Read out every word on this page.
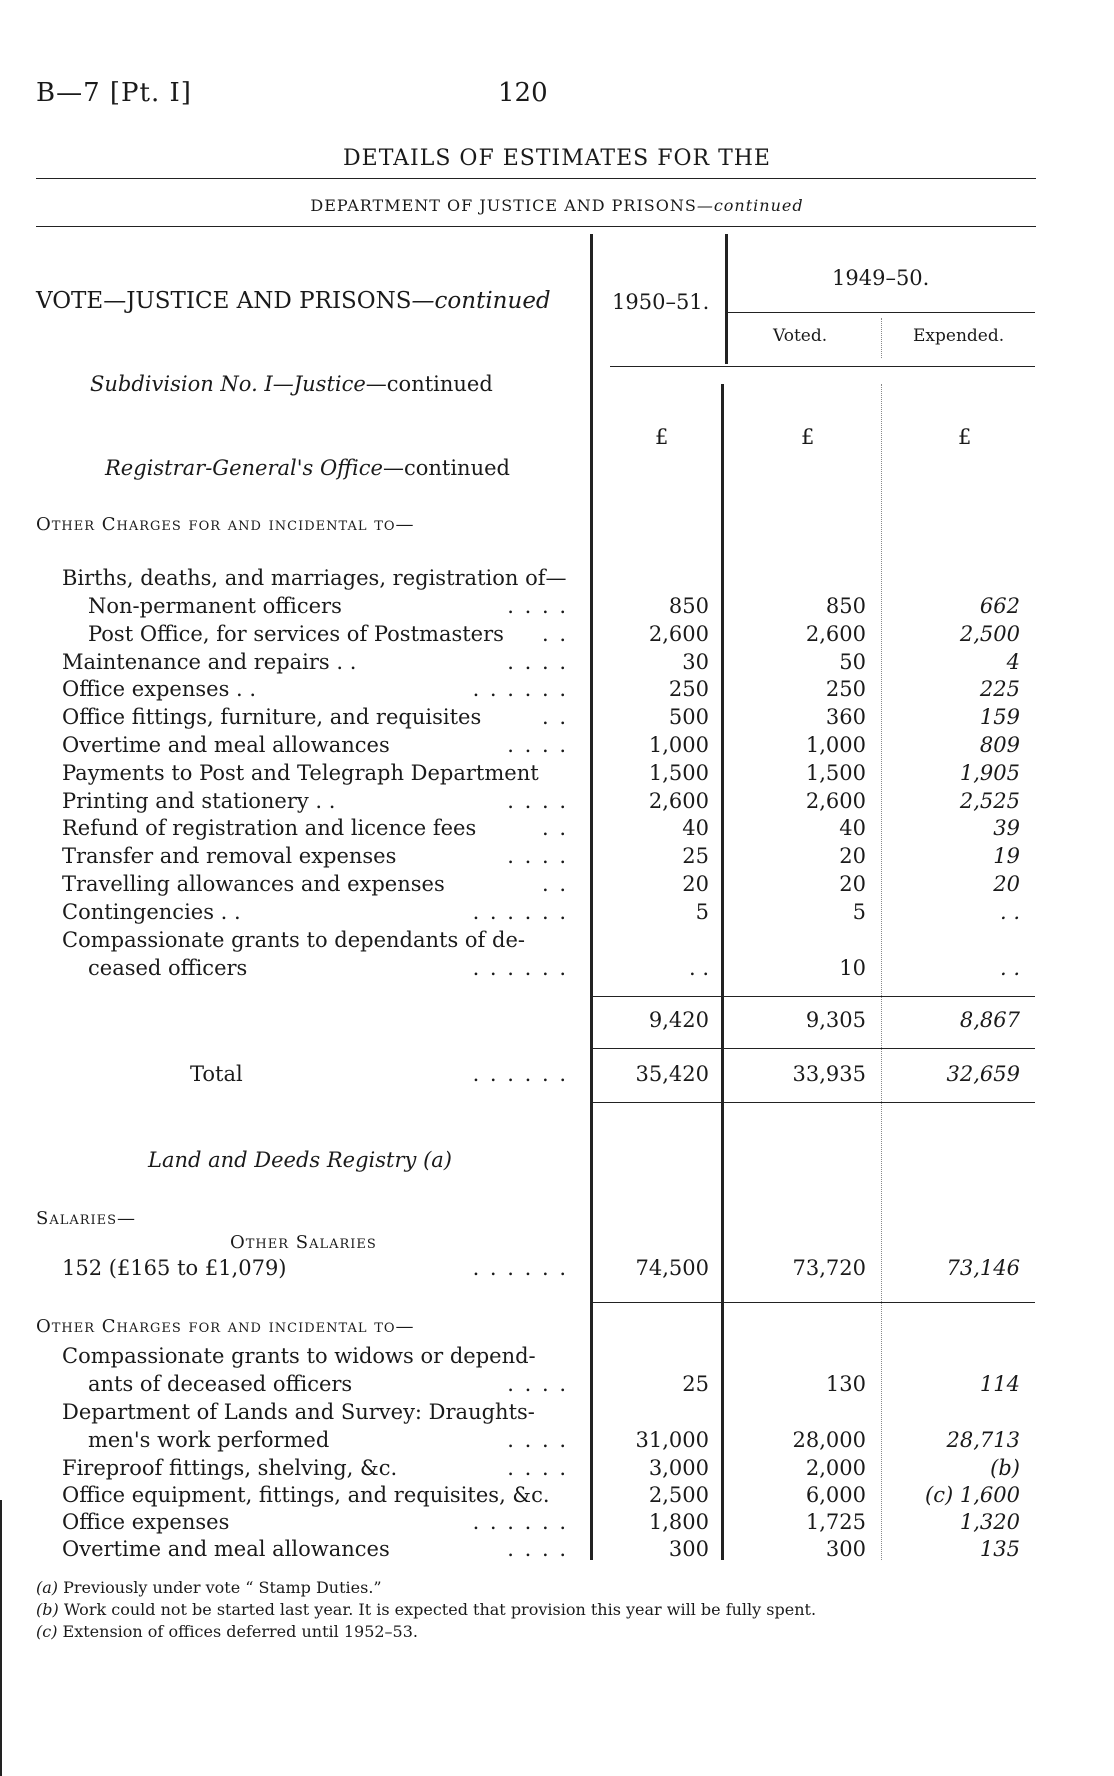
B—7 [Pt. I]	120
DETAILS OF ESTIMATES FOR THE
DEPARTMENT OF JUSTICE AND PRISONS—continued
VOTE—JUSTICE AND PRISONS—continued	1950–51.
1949–50.
Voted.	Expended.
Subdivision No. I—Justice—continued
£	£	£
Registrar-General's Office—continued
Other Charges for and incidental to—
Births, deaths, and marriages, registration of—
Non-permanent officers	. . . .	850	850	662
Post Office, for services of Postmasters	. .	2,600	2,600	2,500
Maintenance and repairs . .	. . . .	30	50	4
Office expenses . .	. . . . . .	250	250	225
Office fittings, furniture, and requisites	. .	500	360	159
Overtime and meal allowances	. . . .	1,000	1,000	809
Payments to Post and Telegraph Department	1,500	1,500	1,905
Printing and stationery . .	. . . .	2,600	2,600	2,525
Refund of registration and licence fees	. .	40	40	39
Transfer and removal expenses	. . . .	25	20	19
Travelling allowances and expenses	. .	20	20	20
Contingencies . .	. . . . . .	5	5	. .
Compassionate grants to dependants of de-
ceased officers	. . . . . .	. .	10	. .
9,420	9,305	8,867
Total	. . . . . .	35,420	33,935	32,659
Land and Deeds Registry (a)
Salaries—
Other Salaries
152 (£165 to £1,079)	. . . . . .	74,500	73,720	73,146
Other Charges for and incidental to—
Compassionate grants to widows or depend-
ants of deceased officers	. . . .	25	130	114
Department of Lands and Survey: Draughts-
men's work performed	. . . .	31,000	28,000	28,713
Fireproof fittings, shelving, &c.	. . . .	3,000	2,000	(b)
Office equipment, fittings, and requisites, &c.	2,500	6,000	(c) 1,600
Office expenses	. . . . . .	1,800	1,725	1,320
Overtime and meal allowances	. . . .	300	300	135
(a) Previously under vote “ Stamp Duties.”
(b) Work could not be started last year. It is expected that provision this year will be fully spent.
(c) Extension of offices deferred until 1952–53.
